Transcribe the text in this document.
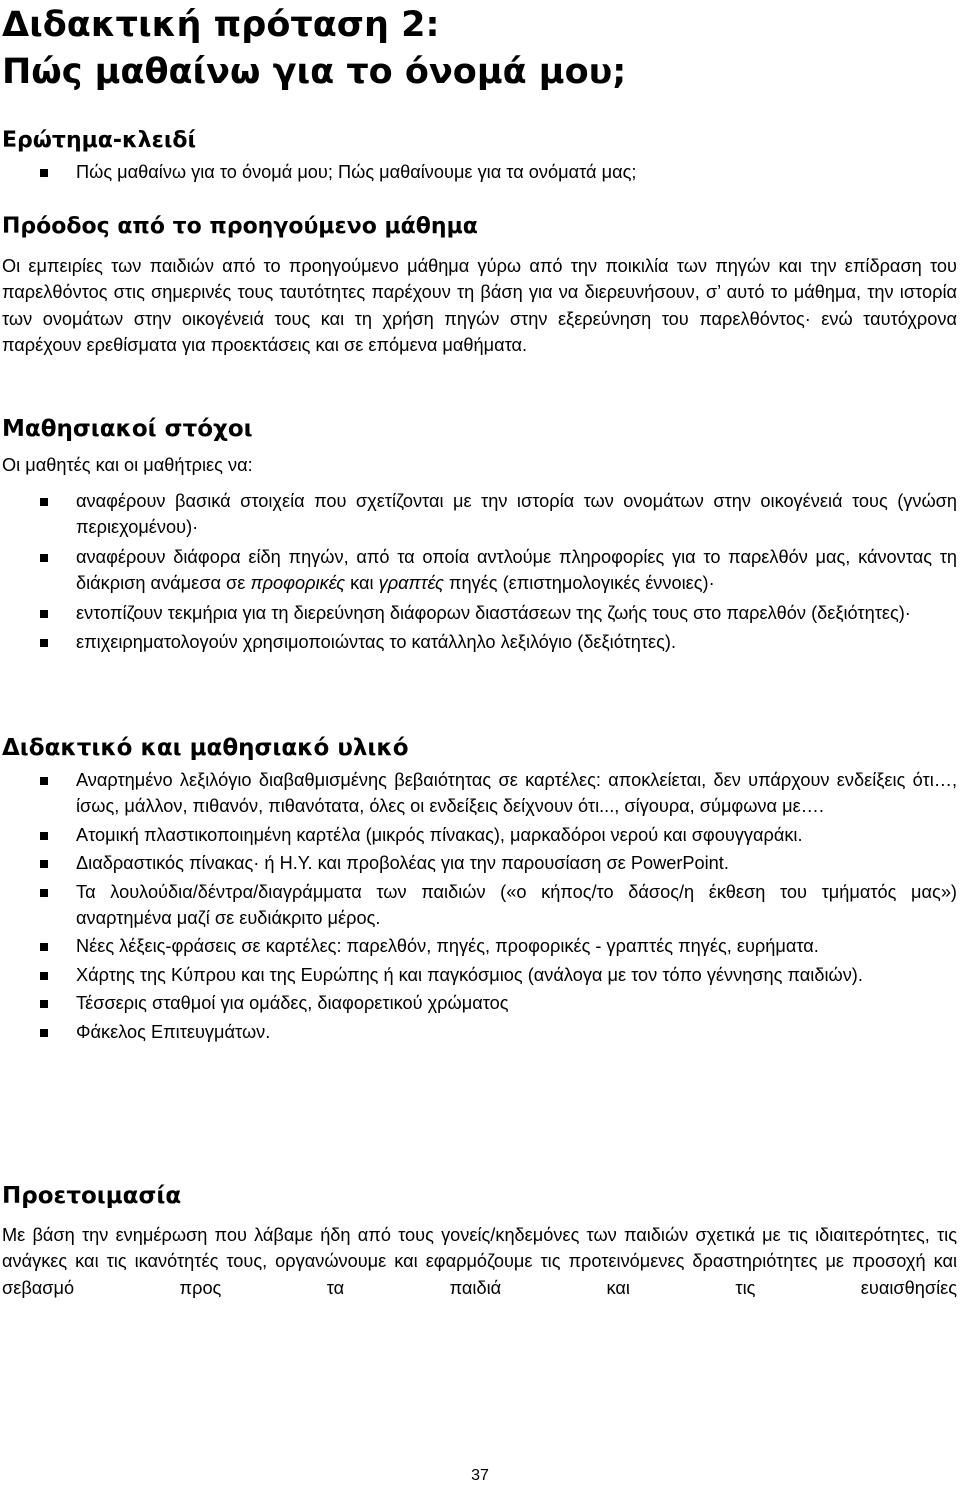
Διδακτική πρόταση 2:
Πώς μαθαίνω για το όνομά μου;
Ερώτημα-κλειδί
Πώς μαθαίνω για το όνομά μου; Πώς μαθαίνουμε για τα ονόματά μας;
Πρόοδος από το προηγούμενο μάθημα

Οι εμπειρίες των παιδιών από το προηγούμενο μάθημα γύρω από την ποικιλία των πηγών και την επίδραση του παρελθόντος στις σημερινές τους ταυτότητες παρέχουν τη βάση για να διερευνήσουν, σ’ αυτό το μάθημα, την ιστορία των ονομάτων στην οικογένειά τους και τη χρήση πηγών στην εξερεύνηση του παρελθόντος· ενώ ταυτόχρονα παρέχουν ερεθίσματα για προεκτάσεις και σε επόμενα μαθήματα.

Μαθησιακοί στόχοι

Οι μαθητές και οι μαθήτριες να:

αναφέρουν βασικά στοιχεία που σχετίζονται με την ιστορία των ονομάτων στην οικογένειά τους (γνώση περιεχομένου)·
αναφέρουν διάφορα είδη πηγών, από τα οποία αντλούμε πληροφορίες για το παρελθόν μας, κάνοντας τη διάκριση ανάμεσα σε προφορικές και γραπτές πηγές (επιστημολογικές έννοιες)·
εντοπίζουν τεκμήρια για τη διερεύνηση διάφορων διαστάσεων της ζωής τους στο παρελθόν (δεξιότητες)·
επιχειρηματολογούν χρησιμοποιώντας το κατάλληλο λεξιλόγιο (δεξιότητες).
Διδακτικό και μαθησιακό υλικό
Αναρτημένο λεξιλόγιο διαβαθμισμένης βεβαιότητας σε καρτέλες: αποκλείεται, δεν υπάρχουν ενδείξεις ότι…, ίσως, μάλλον, πιθανόν, πιθανότατα, όλες οι ενδείξεις δείχνουν ότι..., σίγουρα, σύμφωνα με….
Ατομική πλαστικοποιημένη καρτέλα (μικρός πίνακας), μαρκαδόροι νερού και σφουγγαράκι.
Διαδραστικός πίνακας· ή Η.Υ. και προβολέας για την παρουσίαση σε PowerPoint.
Τα λουλούδια/δέντρα/διαγράμματα των παιδιών («ο κήπος/το δάσος/η έκθεση του τμήματός μας») αναρτημένα μαζί σε ευδιάκριτο μέρος.
Νέες λέξεις-φράσεις σε καρτέλες: παρελθόν, πηγές, προφορικές - γραπτές πηγές, ευρήματα.
Χάρτης της Κύπρου και της Ευρώπης ή και παγκόσμιος (ανάλογα με τον τόπο γέννησης παιδιών).
Τέσσερις σταθμοί για ομάδες, διαφορετικού χρώματος
Φάκελος Επιτευγμάτων.
Προετοιμασία

Με βάση την ενημέρωση που λάβαμε ήδη από τους γονείς/κηδεμόνες των παιδιών σχετικά με τις ιδιαιτερότητες, τις ανάγκες και τις ικανότητές τους, οργανώνουμε και εφαρμόζουμε τις προτεινόμενες δραστηριότητες με προσοχή και σεβασμό προς τα παιδιά και τις ευαισθησίες

37
